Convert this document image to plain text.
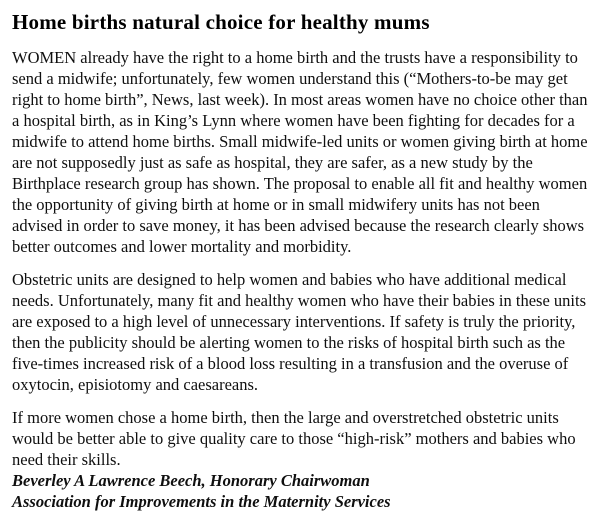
Home births natural choice for healthy mums

WOMEN already have the right to a home birth and the trusts have a responsibility to send a midwife; unfortunately, few women understand this (“Mothers-to-be may get right to home birth”, News, last week). In most areas women have no choice other than a hospital birth, as in King’s Lynn where women have been fighting for decades for a midwife to attend home births. Small midwife-led units or women giving birth at home are not supposedly just as safe as hospital, they are safer, as a new study by the Birthplace research group has shown. The proposal to enable all fit and healthy women the opportunity of giving birth at home or in small midwifery units has not been advised in order to save money, it has been advised because the research clearly shows better outcomes and lower mortality and morbidity.

Obstetric units are designed to help women and babies who have additional medical needs. Unfortunately, many fit and healthy women who have their babies in these units are exposed to a high level of unnecessary interventions. If safety is truly the priority, then the publicity should be alerting women to the risks of hospital birth such as the five-times increased risk of a blood loss resulting in a transfusion and the overuse of oxytocin, episiotomy and caesareans.

If more women chose a home birth, then the large and overstretched obstetric units would be better able to give quality care to those “high-risk” mothers and babies who need their skills.

Beverley A Lawrence Beech, Honorary Chairwoman
Association for Improvements in the Maternity Services
